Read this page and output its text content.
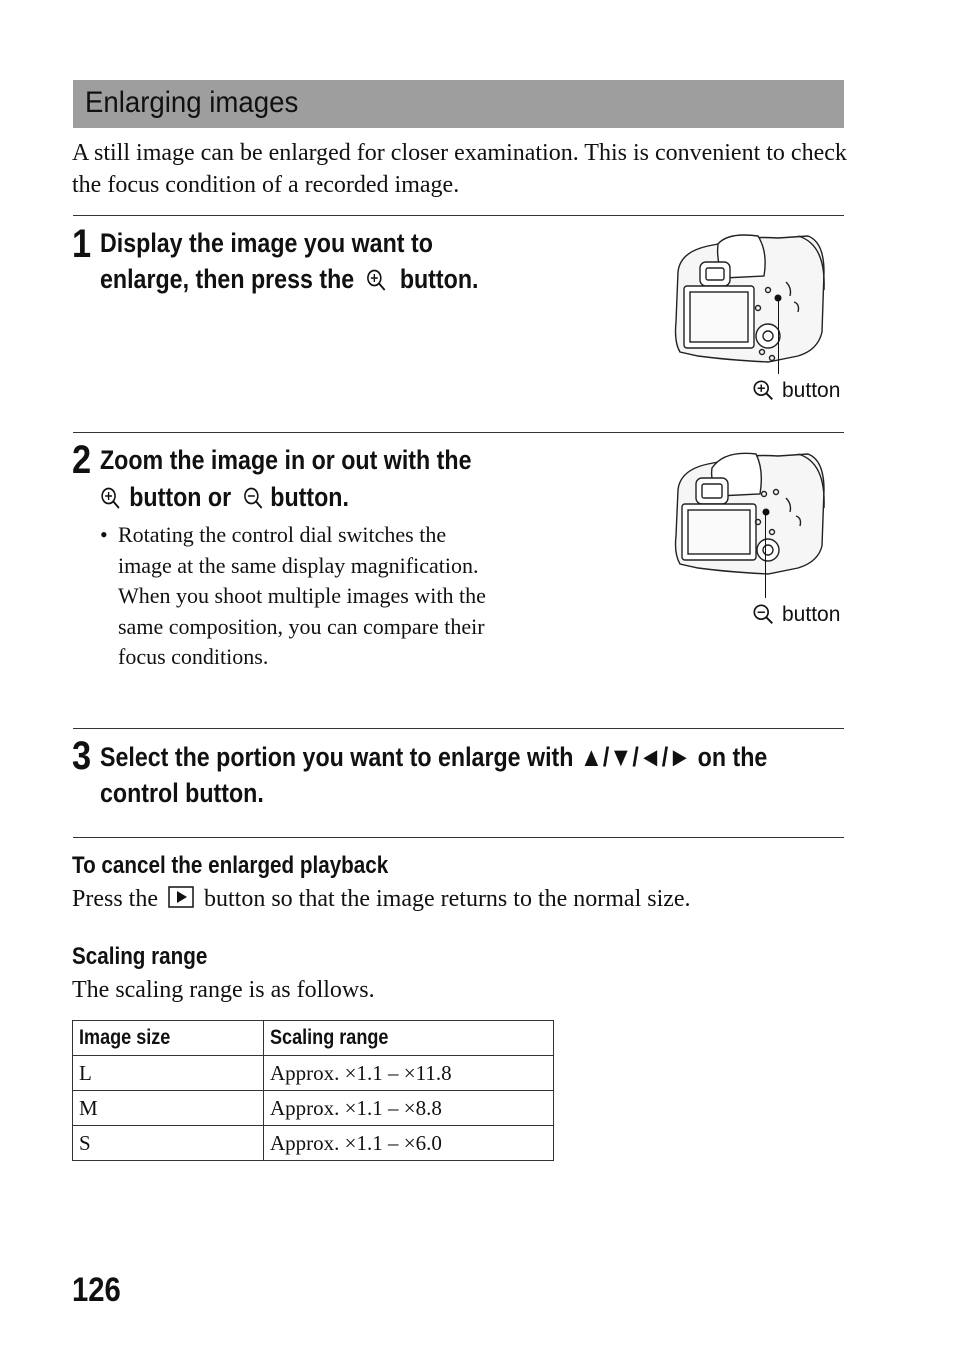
Enlarging images
A still image can be enlarged for closer examination. This is convenient to check the focus condition of a recorded image.
1 Display the image you want to
enlarge, then press the button.
button
2 Zoom the image in or out with the
button or button.
• Rotating the control dial switches the image at the same display magnification. When you shoot multiple images with the same composition, you can compare their focus conditions.
button
3 Select the portion you want to enlarge with ▲/▼/◄/► on the
control button.
To cancel the enlarged playback
Press the button so that the image returns to the normal size.
Scaling range
The scaling range is as follows.
Image size	Scaling range
L	Approx. ×1.1 – ×11.8
M	Approx. ×1.1 – ×8.8
S	Approx. ×1.1 – ×6.0
126
